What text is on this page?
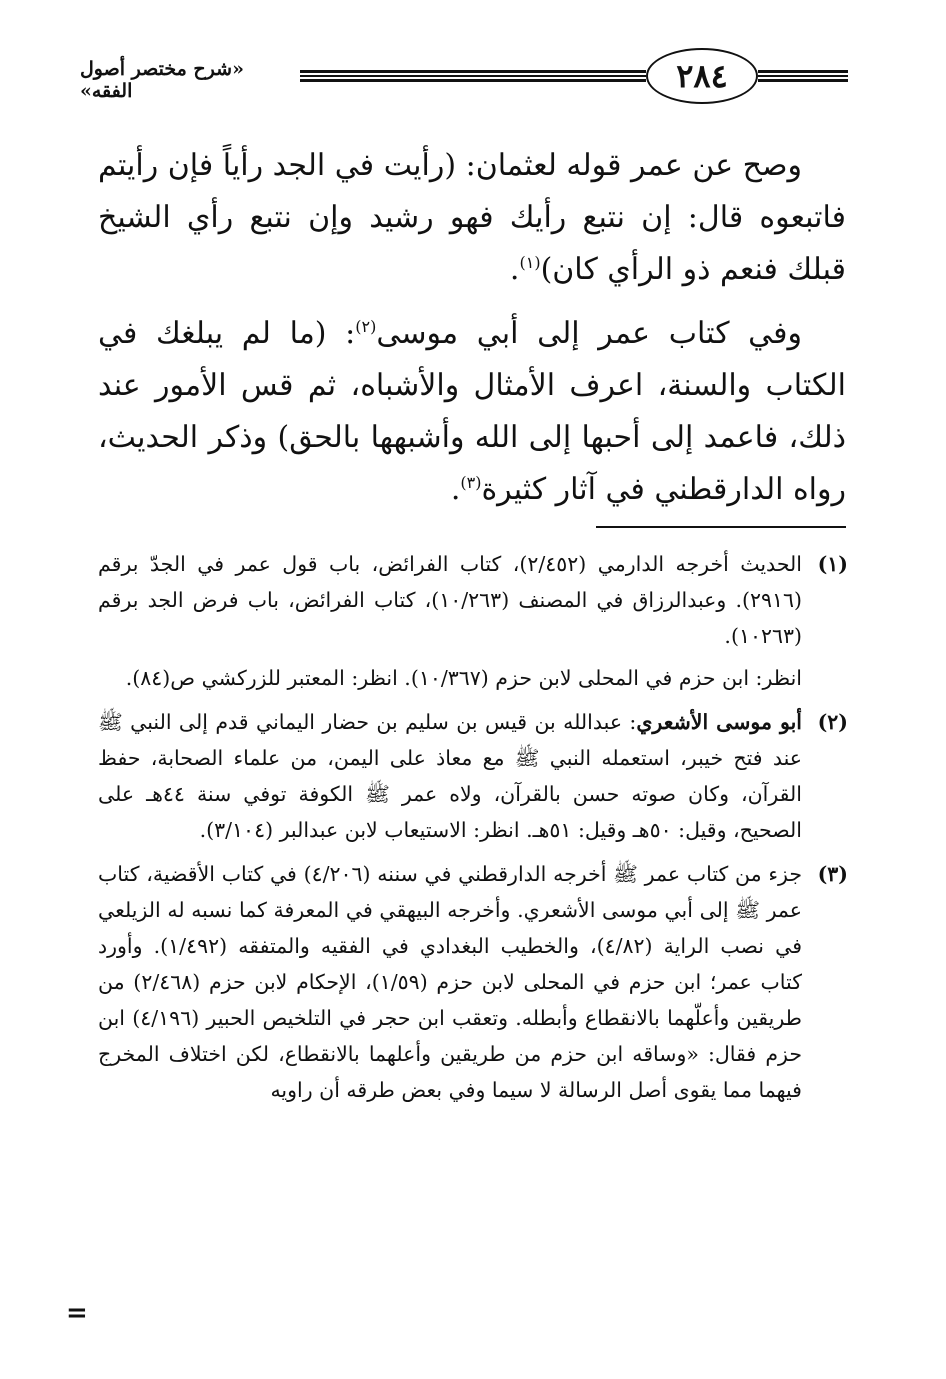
٢٨٤
«شرح مختصر أصول الفقه»

وصح عن عمر قوله لعثمان: (رأيت في الجد رأياً فإن رأيتم فاتبعوه قال: إن نتبع رأيك فهو رشيد وإن نتبع رأي الشيخ قبلك فنعم ذو الرأي كان)$^{(١)}$.

وفي كتاب عمر إلى أبي موسى$^{(٢)}$: (ما لم يبلغك في الكتاب والسنة، اعرف الأمثال والأشباه، ثم قس الأمور عند ذلك، فاعمد إلى أحبها إلى الله وأشبهها بالحق) وذكر الحديث، رواه الدارقطني في آثار كثيرة$^{(٣)}$.

(١)

الحديث أخرجه الدارمي (٢/٤٥٢)، كتاب الفرائض، باب قول عمر في الجدّ برقم (٢٩١٦). وعبدالرزاق في المصنف (١٠/٢٦٣)، كتاب الفرائض، باب فرض الجد برقم (١٠٢٦٣).

انظر: ابن حزم في المحلى لابن حزم (١٠/٣٦٧). انظر: المعتبر للزركشي ص(٨٤).

(٢)

أبو موسى الأشعري: عبدالله بن قيس بن سليم بن حضار اليماني قدم إلى النبي ﷺ عند فتح خيبر، استعمله النبي ﷺ مع معاذ على اليمن، من علماء الصحابة، حفظ القرآن، وكان صوته حسن بالقرآن، ولاه عمر ﷺ الكوفة توفي سنة ٤٤هـ على الصحيح، وقيل: ٥٠هـ وقيل: ٥١هـ. انظر: الاستيعاب لابن عبدالبر (٣/١٠٤).

(٣)

جزء من كتاب عمر ﷺ أخرجه الدارقطني في سننه (٤/٢٠٦) في كتاب الأقضية، كتاب عمر ﷺ إلى أبي موسى الأشعري. وأخرجه البيهقي في المعرفة كما نسبه له الزيلعي في نصب الراية (٤/٨٢)، والخطيب البغدادي في الفقيه والمتفقه (١/٤٩٢). وأورد كتاب عمر؛ ابن حزم في المحلى لابن حزم (١/٥٩)، الإحكام لابن حزم (٢/٤٦٨) من طريقين وأعلّهما بالانقطاع وأبطله. وتعقب ابن حجر في التلخيص الحبير (٤/١٩٦) ابن حزم فقال: «وساقه ابن حزم من طريقين وأعلهما بالانقطاع، لكن اختلاف المخرج فيهما مما يقوى أصل الرسالة لا سيما وفي بعض طرقه أن راويه

=
